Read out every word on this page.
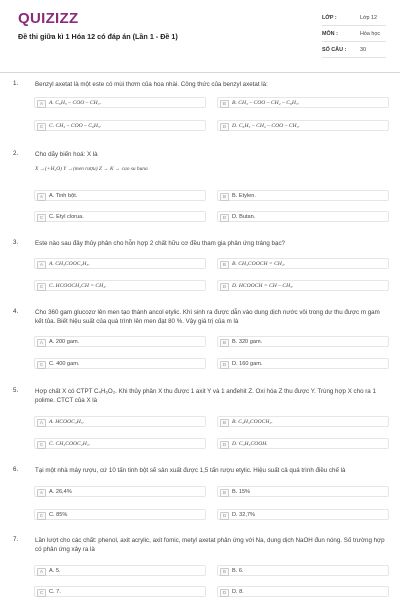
QUIZIZZ
Đề thi giữa kì 1 Hóa 12 có đáp án (Lần 1 - Đề 1)
LỚP :	Lớp 12
MÔN :	Hóa học
SỐ CÂU :	30
1.	Benzyl axetat là một este có mùi thơm của hoa nhài. Công thức của benzyl axetat là:
A	A. C₆H₅ – COO – CH₃.	B	B. CH₃ – COO – CH₂ – C₆H₅.
C	C. CH₃ – COO – C₆H₅.	D	D. C₆H₅ – CH₂ – COO – CH₃.
2.	Cho dãy biến hoá: X là
X →(+H₂O) Y →(men rượu) Z → K → cao su buna
A	A. Tinh bột.	B	B. Etylen.
C	C. Etyl clorua.	D	D. Butan.
3.	Este nào sau đây thủy phân cho hỗn hợp 2 chất hữu cơ đều tham gia phản ứng tráng bạc?
A	A. CH₃COOC₂H₅.	B	B. CH₃COOCH = CH₂.
C	C. HCOOCH₂CH = CH₂.	D	D. HCOOCH = CH – CH₃.
4.	Cho 360 gam glucozơ lên men tạo thành ancol etylic. Khí sinh ra được dẫn vào dung dịch nước vôi trong dư thu được m gam kết tủa. Biết hiệu suất của quá trình lên men đạt 80 %. Vậy giá trị của m là
A	A. 200 gam.	B	B. 320 gam.
C	C. 400 gam.	D	D. 160 gam.
5.	Hợp chất X có CTPT C₄H₆O₂. Khi thủy phân X thu được 1 axit Y và 1 anđehit Z. Oxi hóa Z thu được Y. Trùng hợp X cho ra 1 polime. CTCT của X là
A	A. HCOOC₃H₅.	B	B. C₂H₃COOCH₃.
C	C. CH₃COOC₂H₃.	D	D. C₃H₅COOH.
6.	Tại một nhà máy rượu, cứ 10 tấn tinh bột sẽ sản xuất được 1,5 tấn rượu etylic. Hiệu suất cả quá trình điều chế là
A	A. 26,4%	B	B. 15%
C	C. 85%	D	D. 32,7%
7.	Lần lượt cho các chất: phenol, axit acrylic, axit fomic, metyl axetat phản ứng với Na, dung dịch NaOH đun nóng. Số trường hợp có phản ứng xảy ra là
A	A. 5.	B	B. 6.
C	C. 7.	D	D. 8.
